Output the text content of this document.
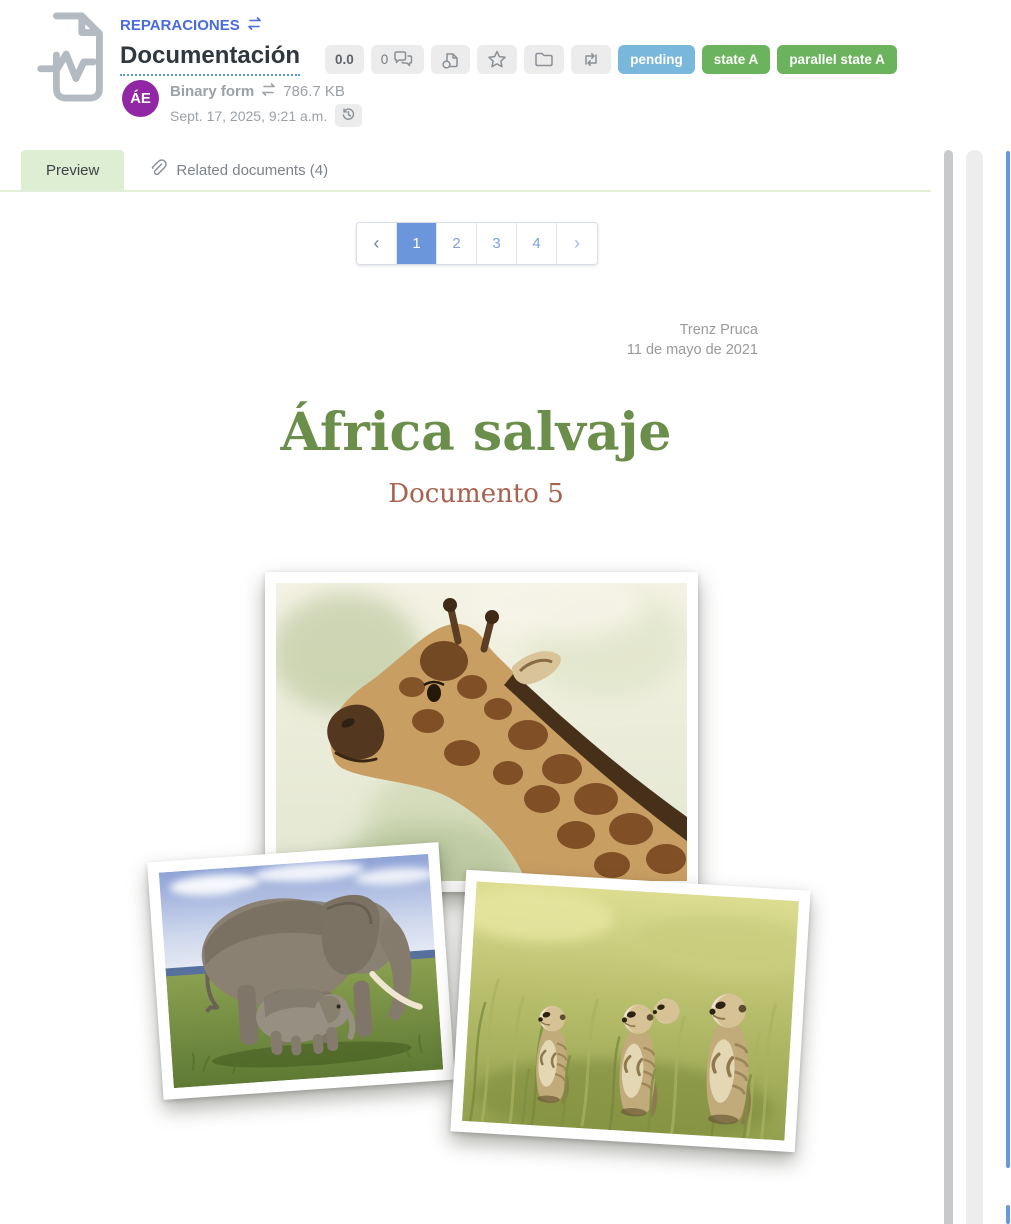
REPARACIONES
Documentación	0.0	0	pending	state A	parallel state A
ÁE	Binary form 786.7 KB
Sept. 17, 2025, 9:21 a.m.
Preview	Related documents (4)
‹	1	2	3	4	›
Trenz Pruca
11 de mayo de 2021
África salvaje
Documento 5
